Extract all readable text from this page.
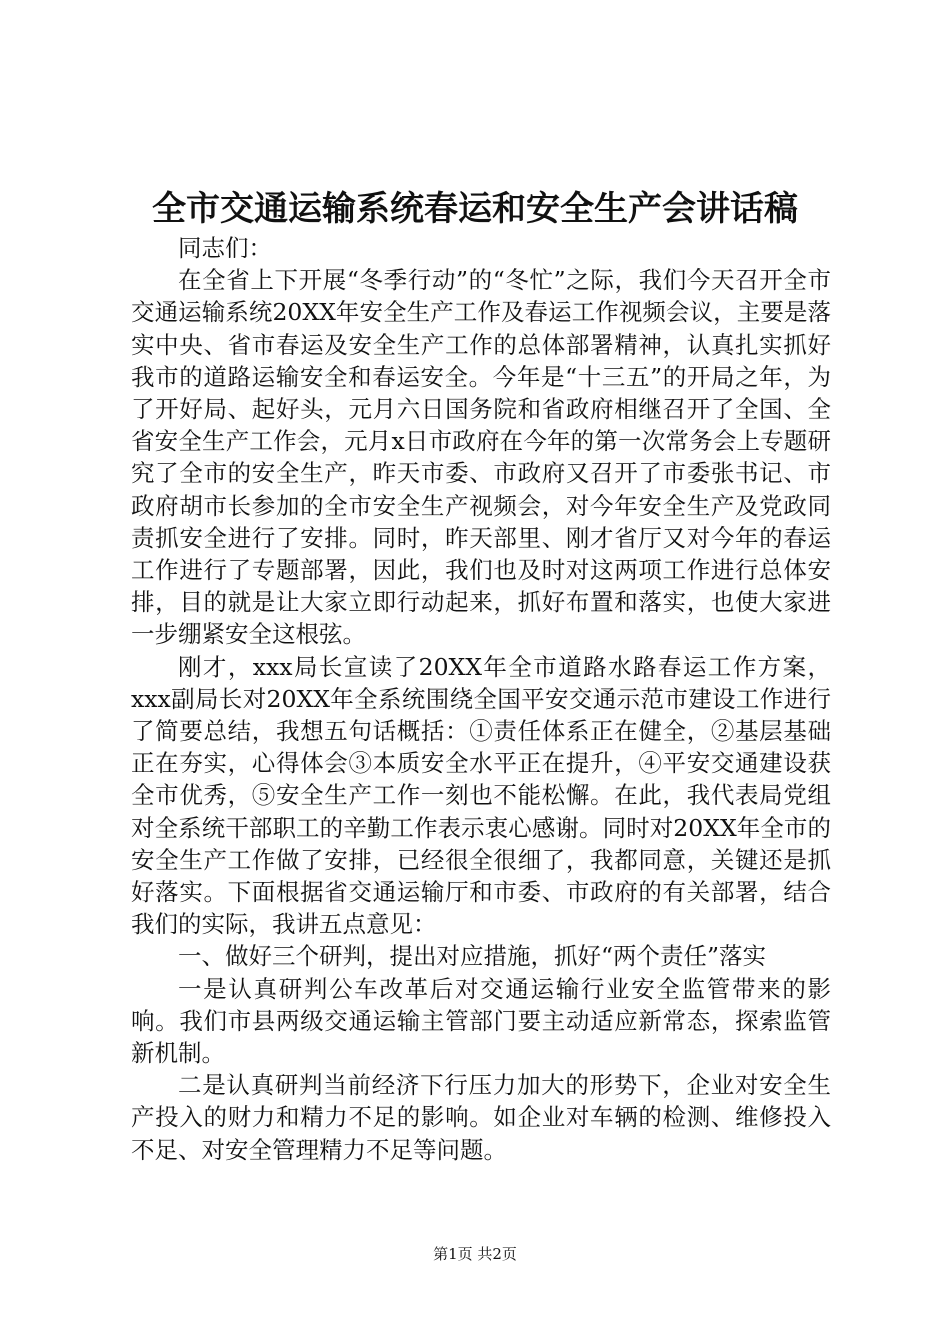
全市交通运输系统春运和安全生产会讲话稿

同志们：

在全省上下开展“冬季行动”的“冬忙”之际，我们今天召开全市交通运输系统20XX年安全生产工作及春运工作视频会议，主要是落实中央、省市春运及安全生产工作的总体部署精神，认真扎实抓好我市的道路运输安全和春运安全。今年是“十三五”的开局之年，为了开好局、起好头，元月六日国务院和省政府相继召开了全国、全省安全生产工作会，元月x日市政府在今年的第一次常务会上专题研究了全市的安全生产，昨天市委、市政府又召开了市委张书记、市政府胡市长参加的全市安全生产视频会，对今年安全生产及党政同责抓安全进行了安排。同时，昨天部里、刚才省厅又对今年的春运工作进行了专题部署，因此，我们也及时对这两项工作进行总体安排，目的就是让大家立即行动起来，抓好布置和落实，也使大家进一步绷紧安全这根弦。

刚才，xxx局长宣读了20XX年全市道路水路春运工作方案，xxx副局长对20XX年全系统围绕全国平安交通示范市建设工作进行了简要总结，我想五句话概括：①责任体系正在健全，②基层基础正在夯实，心得体会③本质安全水平正在提升，④平安交通建设获全市优秀，⑤安全生产工作一刻也不能松懈。在此，我代表局党组对全系统干部职工的辛勤工作表示衷心感谢。同时对20XX年全市的安全生产工作做了安排，已经很全很细了，我都同意，关键还是抓好落实。下面根据省交通运输厅和市委、市政府的有关部署，结合我们的实际，我讲五点意见：

一、做好三个研判，提出对应措施，抓好“两个责任”落实

一是认真研判公车改革后对交通运输行业安全监管带来的影响。我们市县两级交通运输主管部门要主动适应新常态，探索监管新机制。

二是认真研判当前经济下行压力加大的形势下，企业对安全生产投入的财力和精力不足的影响。如企业对车辆的检测、维修投入不足、对安全管理精力不足等问题。

第1页 共2页
